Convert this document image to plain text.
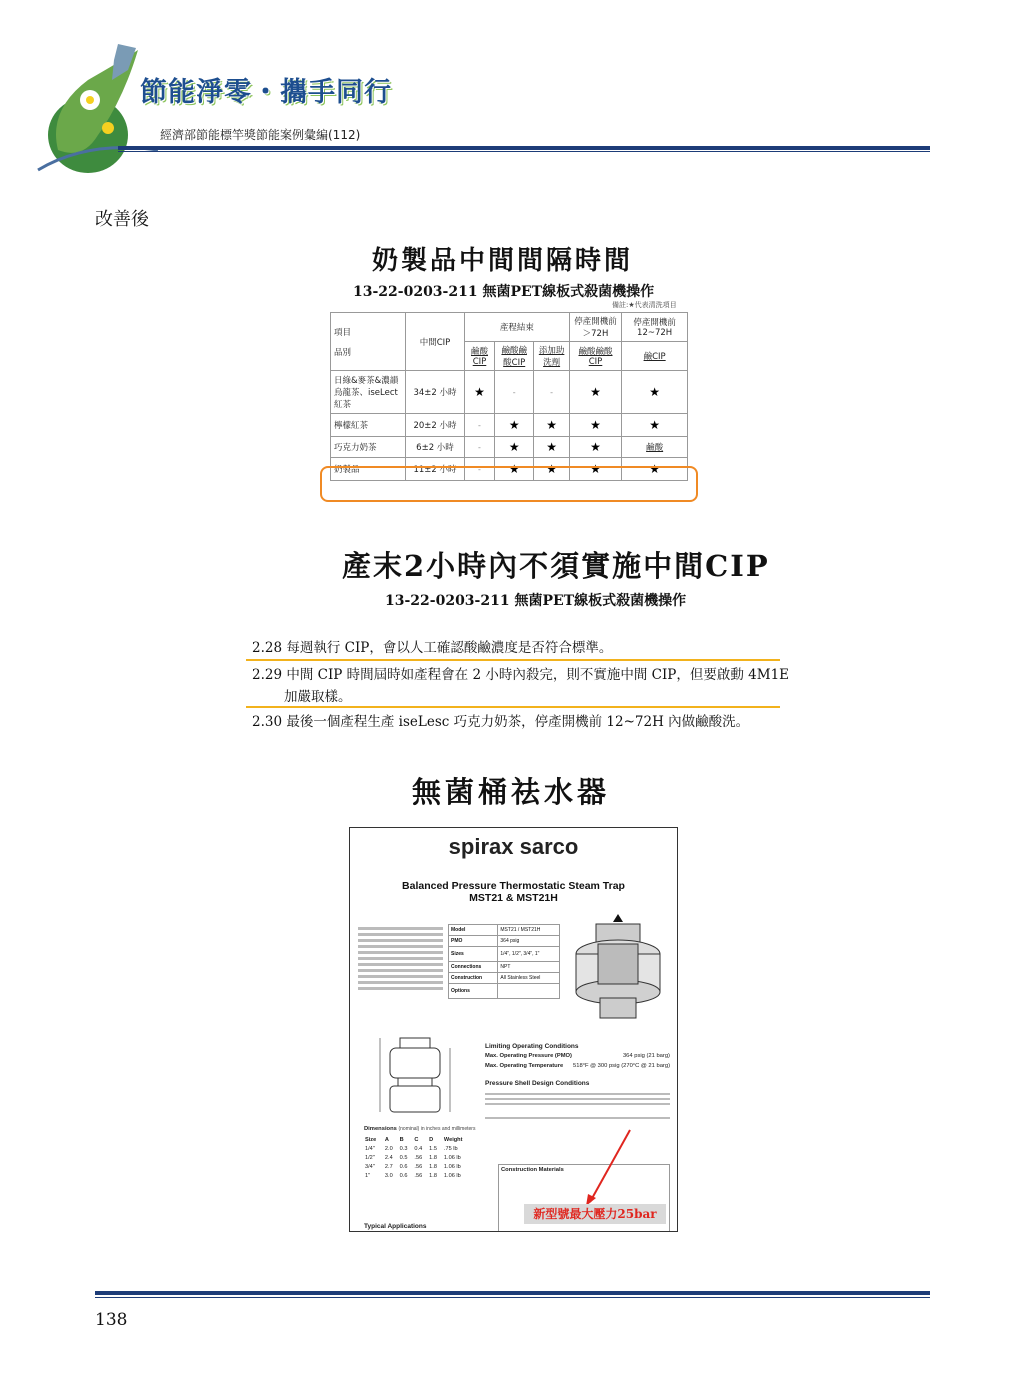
節能淨零・攜手同行
經濟部節能標竿獎節能案例彙編(112)
改善後
奶製品中間間隔時間
13-22-0203-211 無菌PET線板式殺菌機操作
備註:★代表清洗項目
項目
品別	中間CIP	產程結束			停產開機前＞72H	停產開機前12~72H
		鹼酸CIP	鹼酸鹼酸CIP	添加助洗劑	鹼酸鹼酸CIP	鹼CIP
日綠&麥茶&濃韻烏龍茶、iseLect 紅茶	34±2 小時	★	-	-	★	★
檸檬紅茶	20±2 小時	-	★	★	★	★
巧克力奶茶	6±2 小時	-	★	★	★	鹼酸
奶製品	11±2 小時	-	★	★	★	★
產末2小時內不須實施中間CIP
13-22-0203-211 無菌PET線板式殺菌機操作
2.28 每週執行 CIP，會以人工確認酸鹼濃度是否符合標準。
2.29 中間 CIP 時間屆時如產程會在 2 小時內殺完，則不實施中間 CIP，但要啟動 4M1E
加嚴取樣。
2.30 最後一個產程生產 iseLesc 巧克力奶茶，停產開機前 12~72H 內做鹼酸洗。
無菌桶祛水器
spirax sarco
Balanced Pressure Thermostatic Steam Trap
MST21 & MST21H
Model	MST21 / MST21H
PMO	364 psig
Sizes	1/4", 1/2", 3/4", 1"
Connections	NPT
Construction	All Stainless Steel
Options	
Limiting Operating Conditions
Max. Operating Pressure (PMO)	364 psig (21 barg)
Max. Operating Temperature 518°F @ 300 psig (270°C @ 21 barg)
Pressure Shell Design Conditions
Dimensions (nominal) in inches and millimeters
Size	A	B	C	D	Weight
1/4"	2.0	0.3	0.4	1.5	.75 lb
1/2"	2.4	0.5	.56	1.8	1.06 lb
3/4"	2.7	0.6	.56	1.8	1.06 lb
1"	3.0	0.6	.56	1.8	1.06 lb
Construction Materials
Typical Applications
新型號最大壓力25bar
138
